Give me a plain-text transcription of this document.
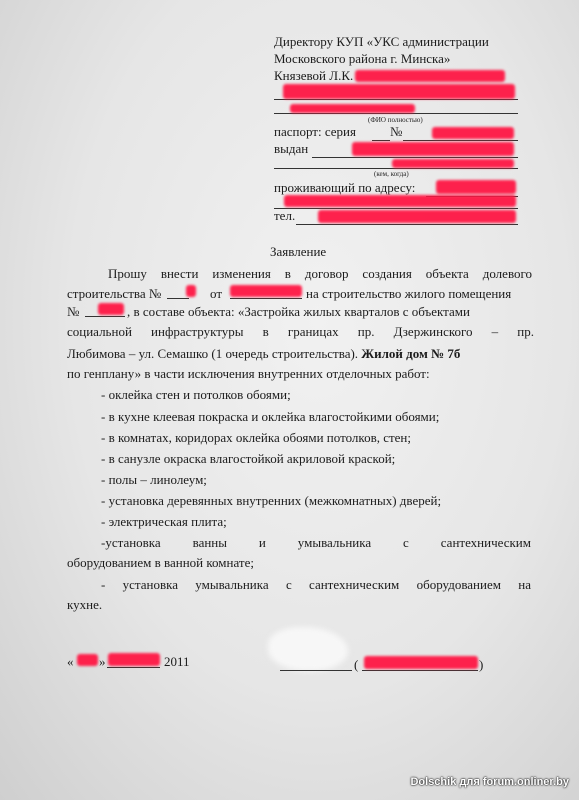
Директору КУП «УКС администрации
Московского района г. Минска»
Князевой Л.К.
(ФИО полностью)
паспорт: серия	№
выдан
(кем, когда)
проживающий по адресу:
тел.
Заявление
Прошу внести изменения в договор создания объекта долевого
строительства №	от	на строительство жилого помещения
№	, в составе объекта: «Застройка жилых кварталов с объектами
социальной инфраструктуры в границах пр. Дзержинского – пр.
Любимова – ул. Семашко (1 очередь строительства). Жилой дом № 7б
по генплану» в части исключения внутренних отделочных работ:
- оклейка стен и потолков обоями;
- в кухне клеевая покраска и оклейка влагостойкими обоями;
- в комнатах, коридорах оклейка обоями потолков, стен;
- в санузле окраска влагостойкой акриловой краской;
- полы – линолеум;
- установка деревянных внутренних (межкомнатных) дверей;
- электрическая плита;
-установка ванны и умывальника с сантехническим
оборудованием в ванной комнате;
- установка умывальника с сантехническим оборудованием на
кухне.
« »	2011	(	)
Dolschik для forum.onliner.by
